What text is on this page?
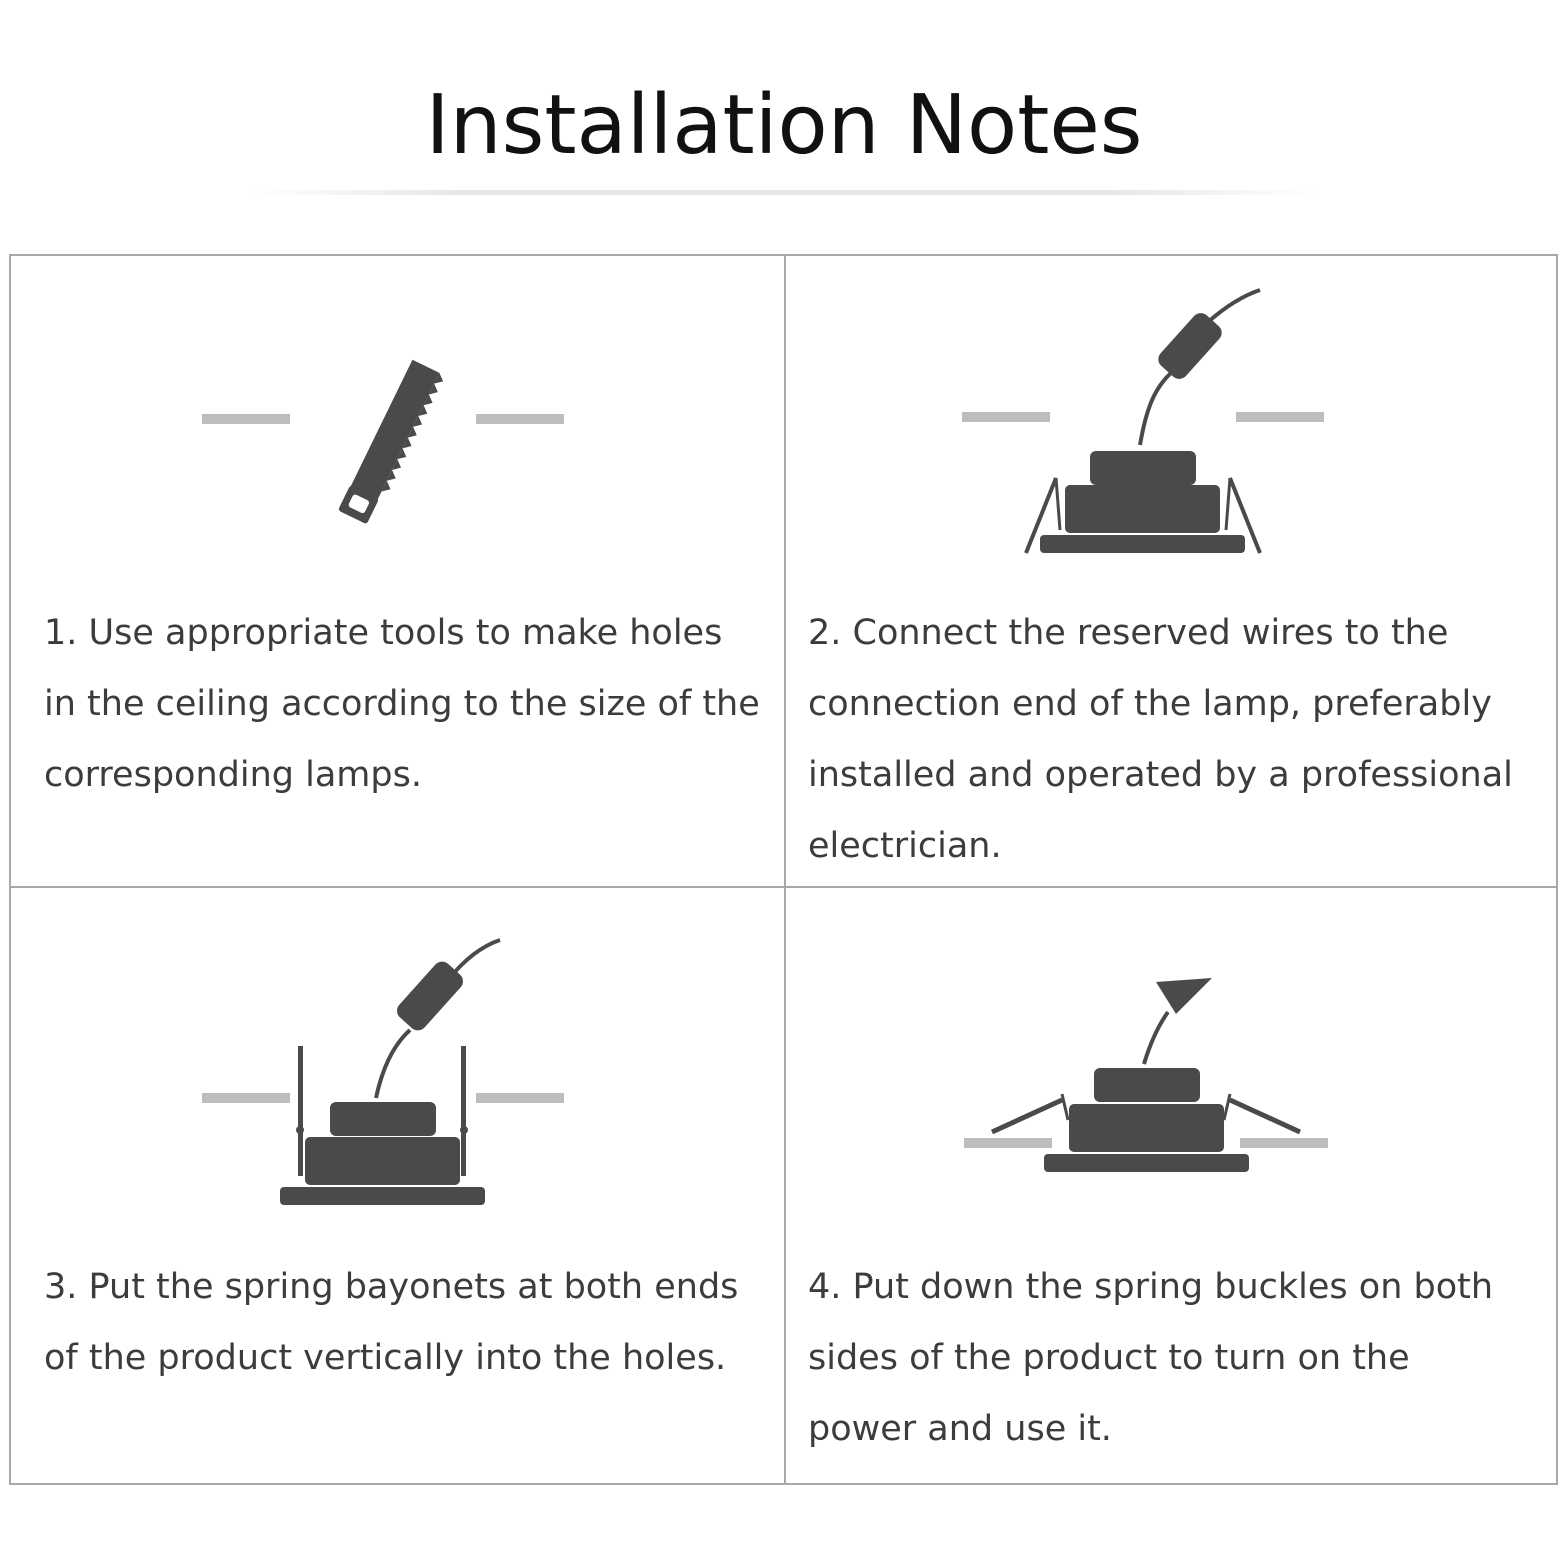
Installation Notes

1. Use appropriate tools to make holes in the ceiling according to the size of the corresponding lamps.

2. Connect the reserved wires to the connection end of the lamp, preferably installed and operated by a professional electrician.

3. Put the spring bayonets at both ends of the product vertically into the holes.

4. Put down the spring buckles on both sides of the product to turn on the power and use it.
